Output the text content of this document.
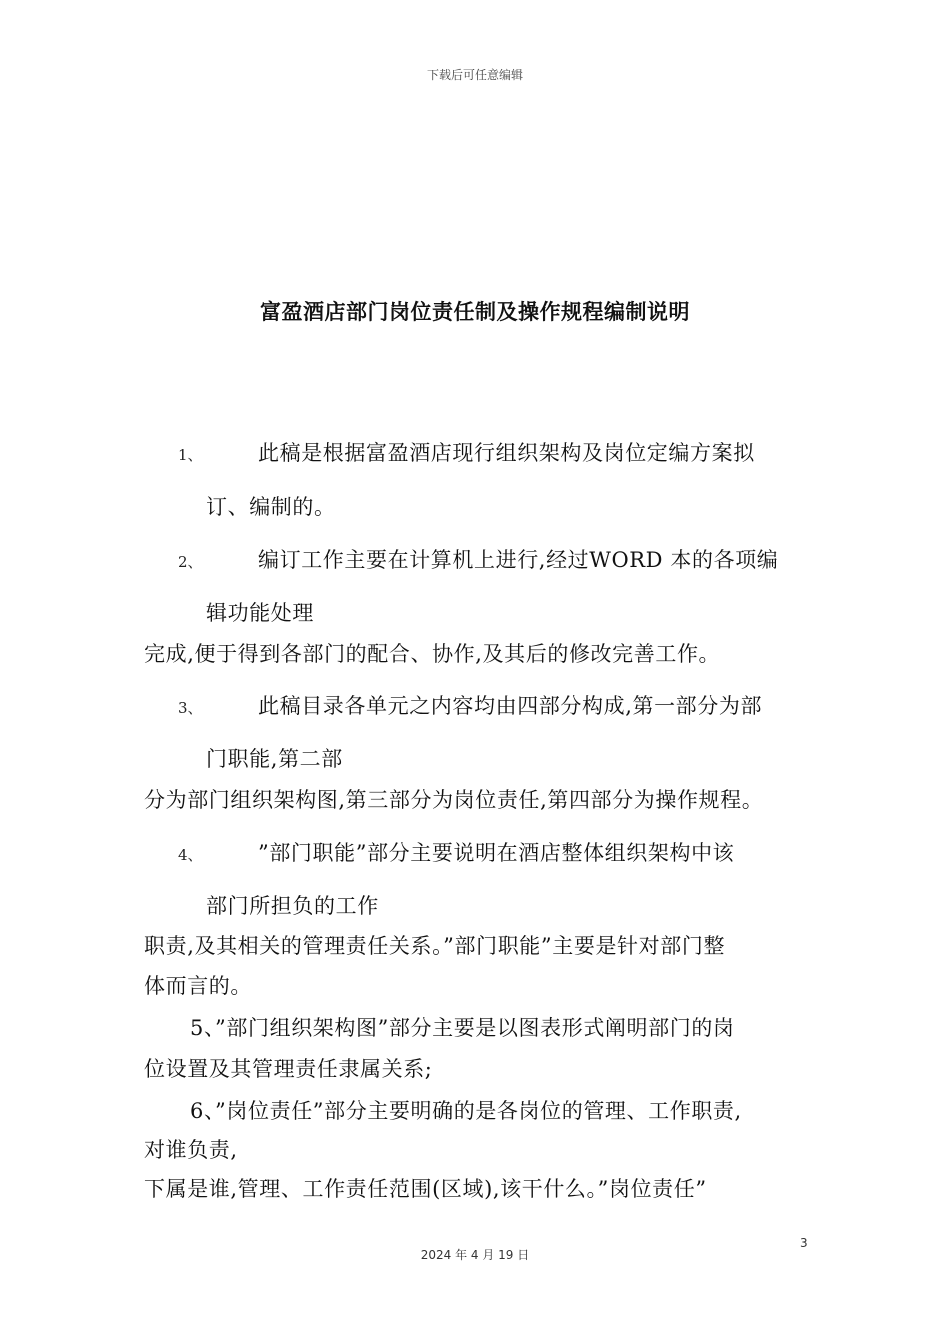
下载后可任意编辑
富盈酒店部门岗位责任制及操作规程编制说明
1、	此稿是根据富盈酒店现行组织架构及岗位定编方案拟
订、编制的。
2、	编订工作主要在计算机上进行,经过WORD 本的各项编
辑功能处理
完成,便于得到各部门的配合、协作,及其后的修改完善工作。
3、	此稿目录各单元之内容均由四部分构成,第一部分为部
门职能,第二部
分为部门组织架构图,第三部分为岗位责任,第四部分为操作规程。
4、	”部门职能”部分主要说明在酒店整体组织架构中该
部门所担负的工作
职责,及其相关的管理责任关系。”部门职能”主要是针对部门整
体而言的。
5、”部门组织架构图”部分主要是以图表形式阐明部门的岗
位设置及其管理责任隶属关系;
6、”岗位责任”部分主要明确的是各岗位的管理、工作职责,
对谁负责,
下属是谁,管理、工作责任范围(区域),该干什么。”岗位责任”
3
2024 年 4 月 19 日
